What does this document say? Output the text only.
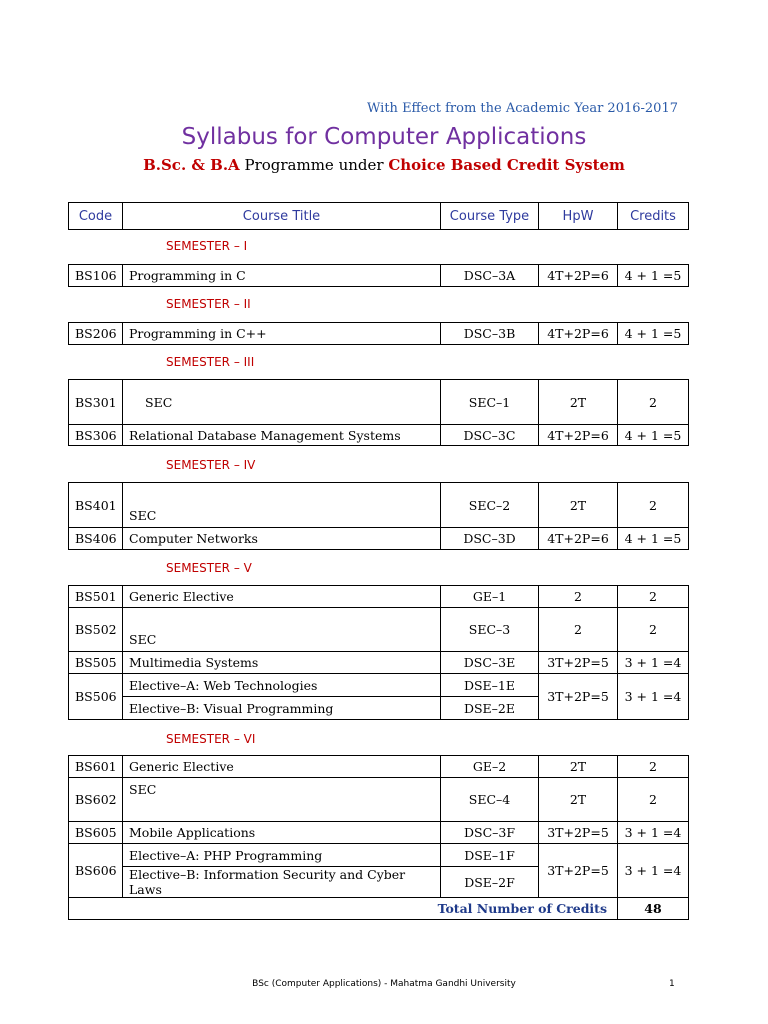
With Effect from the Academic Year 2016-2017
Syllabus for Computer Applications
B.Sc. & B.A Programme under Choice Based Credit System
Code	Course Title	Course Type	HpW	Credits
SEMESTER – I
BS106	Programming in C	DSC–3A	4T+2P=6	4 + 1 =5
SEMESTER – II
BS206	Programming in C++	DSC–3B	4T+2P=6	4 + 1 =5
SEMESTER – III
BS301	SEC	SEC–1	2T	2
BS306	Relational Database Management Systems	DSC–3C	4T+2P=6	4 + 1 =5
SEMESTER – IV
BS401	SEC	SEC–2	2T	2
BS406	Computer Networks	DSC–3D	4T+2P=6	4 + 1 =5
SEMESTER – V
BS501	Generic Elective	GE–1	2	2
BS502	SEC	SEC–3	2	2
BS505	Multimedia Systems	DSC–3E	3T+2P=5	3 + 1 =4
BS506	Elective–A: Web Technologies	DSE–1E	3T+2P=5	3 + 1 =4
	Elective–B: Visual Programming	DSE–2E		
SEMESTER – VI
BS601	Generic Elective	GE–2	2T	2
BS602	SEC	SEC–4	2T	2
BS605	Mobile Applications	DSC–3F	3T+2P=5	3 + 1 =4
BS606	Elective–A: PHP Programming	DSE–1F	3T+2P=5	3 + 1 =4
	Elective–B: Information Security and Cyber Laws	DSE–2F		
Total Number of Credits				48
BSc (Computer Applications) - Mahatma Gandhi University	1
